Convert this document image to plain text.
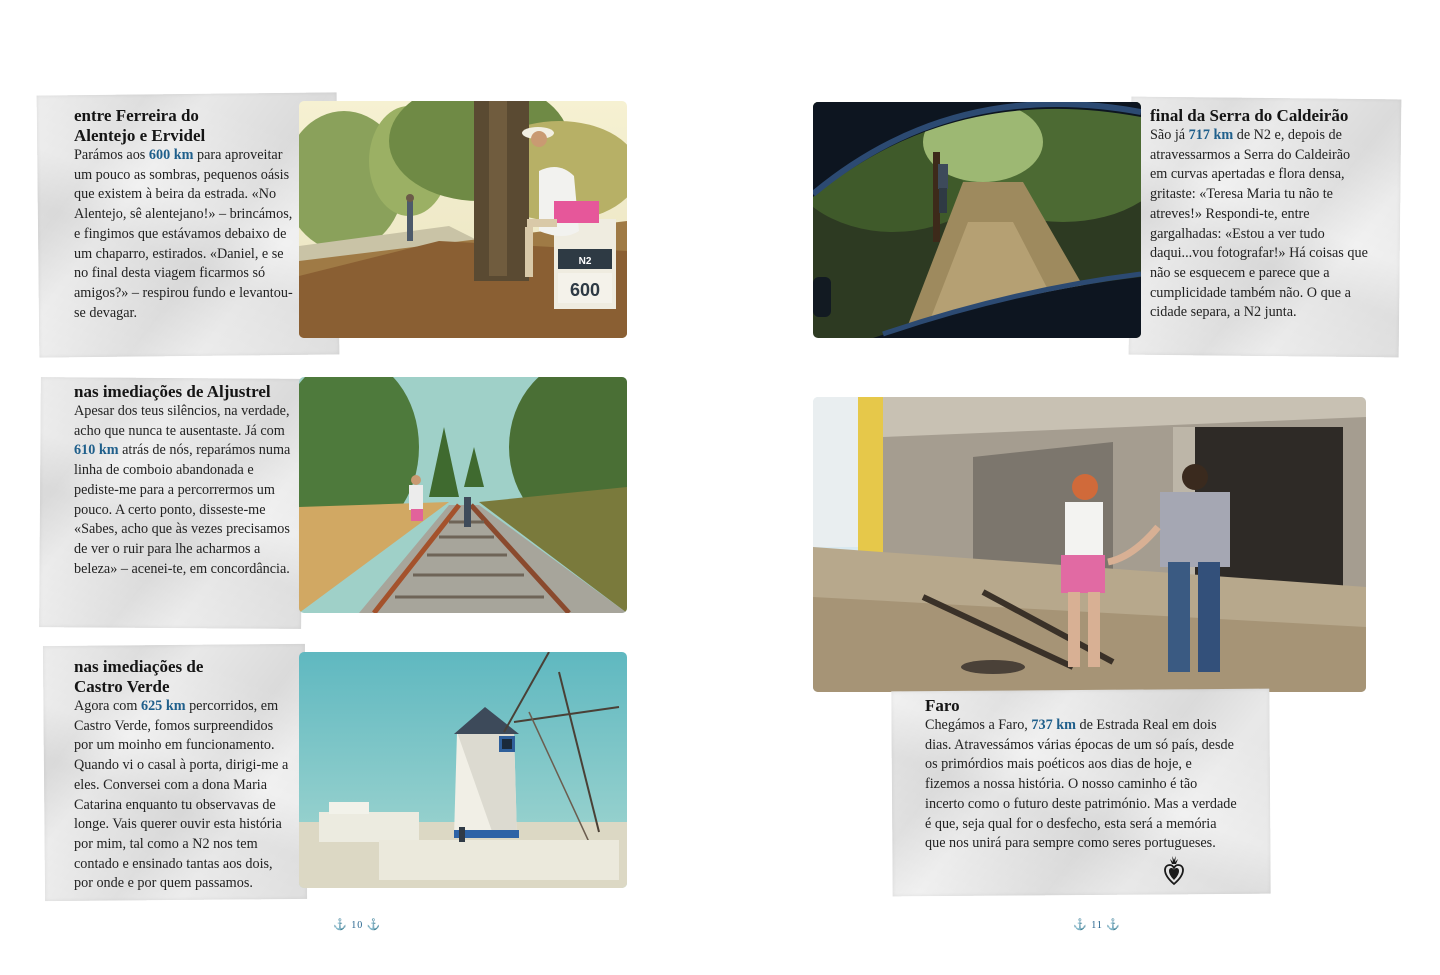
entre Ferreira do
Alentejo e Ervidel

Parámos aos 600 km para aproveitar um pouco as sombras, pequenos oásis que existem à beira da estrada. «No Alentejo, sê alentejano!» – brincámos, e fingimos que estávamos debaixo de um chaparro, estirados. «Daniel, e se no final desta viagem ficarmos só amigos?» – respirou fundo e levantou-se devagar.

N2
600

nas imediações de Aljustrel

Apesar dos teus silêncios, na verdade, acho que nunca te ausentaste. Já com 610 km atrás de nós, reparámos numa linha de comboio abandonada e pediste-me para a percorrermos um pouco. A certo ponto, disseste-me «Sabes, acho que às vezes precisamos de ver o ruir para lhe acharmos a beleza» – acenei-te, em concordância.

nas imediações de
Castro Verde

Agora com 625 km percorridos, em Castro Verde, fomos surpreendidos por um moinho em funcionamento. Quando vi o casal à porta, dirigi-me a eles. Conversei com a dona Maria Catarina enquanto tu observavas de longe. Vais querer ouvir esta história por mim, tal como a N2 nos tem contado e ensinado tantas aos dois, por onde e por quem passamos.

⚓ 10 ⚓

final da Serra do Caldeirão

São já 717 km de N2 e, depois de atravessarmos a Serra do Caldeirão em curvas apertadas e flora densa, gritaste: «Teresa Maria tu não te atreves!» Respondi-te, entre gargalhadas: «Estou a ver tudo daqui...vou fotografar!» Há coisas que não se esquecem e parece que a cumplicidade também não. O que a cidade separa, a N2 junta.

Faro

Chegámos a Faro, 737 km de Estrada Real em dois dias. Atravessámos várias épocas de um só país, desde os primórdios mais poéticos aos dias de hoje, e fizemos a nossa história. O nosso caminho é tão incerto como o futuro deste património. Mas a verdade é que, seja qual for o desfecho, esta será a memória que nos unirá para sempre como seres portugueses.

⚓ 11 ⚓
